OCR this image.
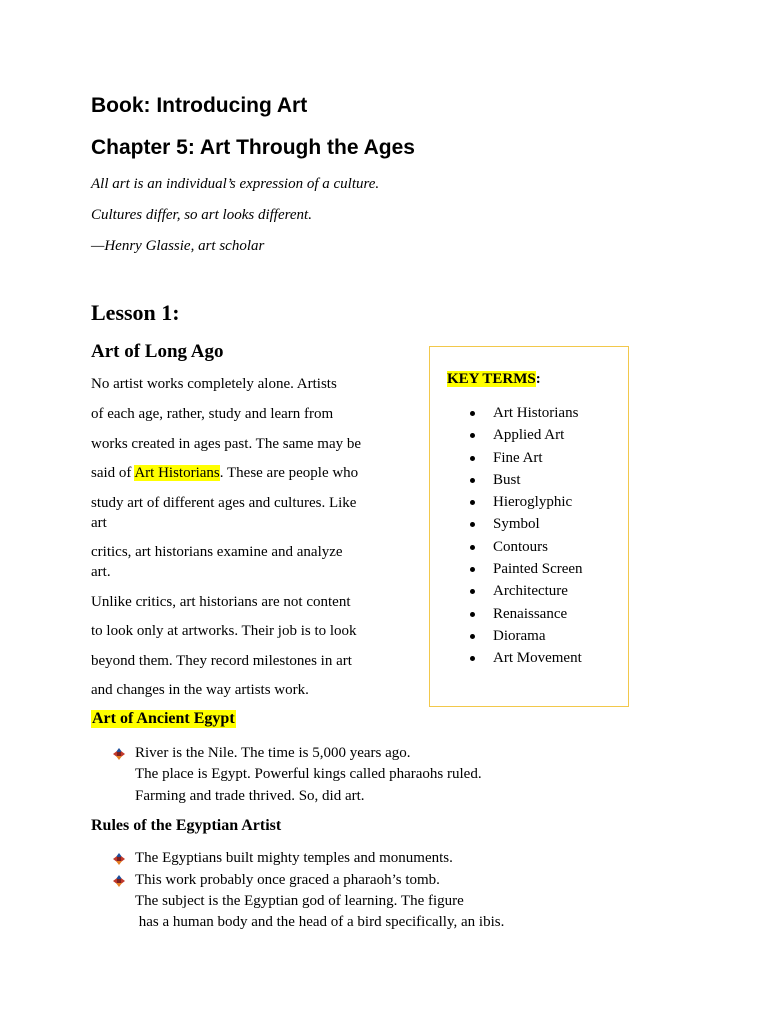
Book: Introducing Art
Chapter 5: Art Through the Ages
All art is an individual’s expression of a culture.
Cultures differ, so art looks different.
—Henry Glassie, art scholar
Lesson 1:
Art of Long Ago
No artist works completely alone. Artists
of each age, rather, study and learn from
works created in ages past. The same may be
said of Art Historians. These are people who
study art of different ages and cultures. Like
art
critics, art historians examine and analyze
art.
Unlike critics, art historians are not content
to look only at artworks. Their job is to look
beyond them. They record milestones in art
and changes in the way artists work.
KEY TERMS:
Art Historians
Applied Art
Fine Art
Bust
Hieroglyphic
Symbol
Contours
Painted Screen
Architecture
Renaissance
Diorama
Art Movement
Art of Ancient Egypt
River is the Nile. The time is 5,000 years ago.
The place is Egypt. Powerful kings called pharaohs ruled.
Farming and trade thrived. So, did art.
Rules of the Egyptian Artist
The Egyptians built mighty temples and monuments.
This work probably once graced a pharaoh’s tomb.
The subject is the Egyptian god of learning. The figure
has a human body and the head of a bird specifically, an ibis.
